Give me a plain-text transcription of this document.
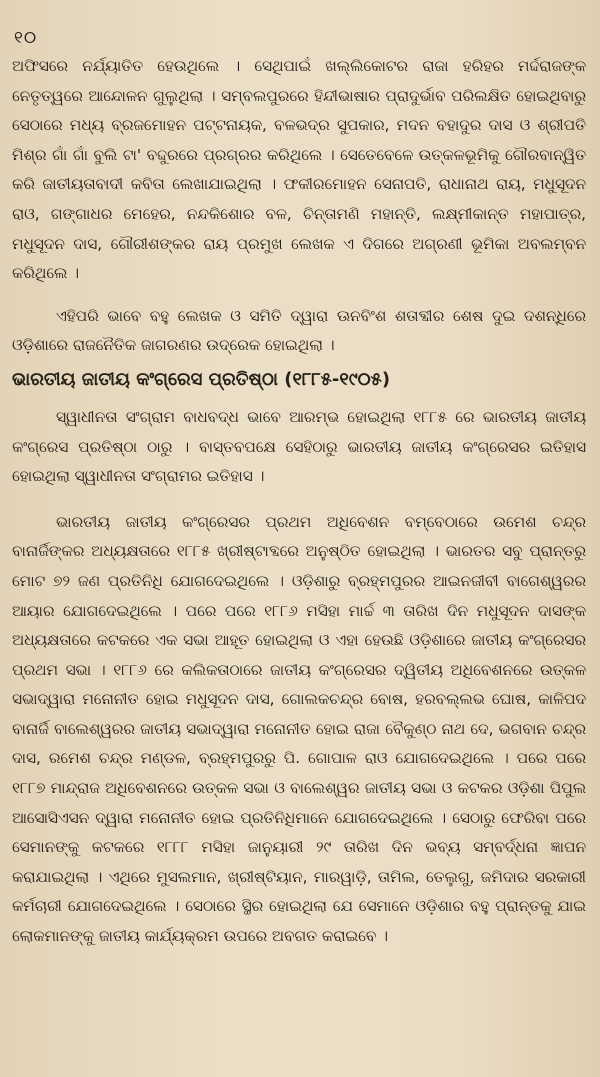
୧୦

ଅଫିସରେ ନର୍ଯ୍ୟାତିତ ହେଉଥିଲେ । ସେଥିପାଇଁ ଖଲ୍ଲିକୋଟର ରାଜା ହରିହର ମର୍ଦ୍ଦରାଜଙ୍କ ନେତୃତ୍ୱରେ ଆନ୍ଦୋଳନ ଗୁଲୁଥିଲା । ସମ୍ବଲପୁରରେ ହିନ୍ଦୀଭାଷାର ପ୍ରାଦୁର୍ଭାବ ପରିଲକ୍ଷିତ ହୋଇଥିବାରୁ ସେଠାରେ ମଧ୍ୟ ବ୍ରଜମୋହନ ପଟ୍ଟନାୟକ, ବଳଭଦ୍ର ସୁପକାର, ମଦନ ବହାଦୁର ଦାସ ଓ ଶ୍ରୀପତି ମିଶ୍ର ଗାଁ ଗାଁ ବୁଲି ଟା' ବଦ୍ଦୁରରେ ପ୍ରଗ୍ରର କରିଥିଲେ । ସେତେବେଳେ ଉତ୍କଳଭୂମିକୁ ଗୌରବାନ୍ୱିତ କରି ଜାତୀୟତାବାଦୀ କବିତା ଲେଖାଯାଇଥିଲା । ଫକୀରମୋହନ ସେନାପତି, ରାଧାନାଥ ରାୟ, ମଧୁସୂଦନ ରାଓ, ଗଙ୍ଗାଧର ମେହେର, ନନ୍ଦକିଶୋର ବଳ, ଚିନ୍ତାମଣି ମହାନ୍ତି, ଲକ୍ଷ୍ମୀକାନ୍ତ ମହାପାତ୍ର, ମଧୁସୂଦନ ଦାସ, ଗୌରୀଶଙ୍କର ରାୟ ପ୍ରମୁଖ ଲେଖକ ଏ ଦିଗରେ ଅଗ୍ରଣୀ ଭୂମିକା ଅବଲମ୍ବନ କରିଥିଲେ ।

ଏହିପରି ଭାବେ ବହୁ ଲେଖକ ଓ ସମିତି ଦ୍ୱାରା ଊନବିଂଶ ଶତାବ୍ଦୀର ଶେଷ ଦୁଇ ଦଶନ୍ଧିରେ ଓଡ଼ିଶାରେ ରାଜନୈତିକ ଜାଗରଣର ଉଦ୍ରେକ ହୋଇଥିଲା ।

ଭାରତୀୟ ଜାତୀୟ କଂଗ୍ରେସ ପ୍ରତିଷ୍ଠା (୧୮୮୫-୧୯୦୫)

ସ୍ୱାଧୀନତା ସଂଗ୍ରାମ ବାଧବଦ୍ଧ ଭାବେ ଆରମ୍ଭ ହୋଇଥିଲା ୧୮୮୫ ରେ ଭାରତୀୟ ଜାତୀୟ କଂଗ୍ରେସ ପ୍ରତିଷ୍ଠା ଠାରୁ । ବାସ୍ତବପକ୍ଷେ ସେହିଠାରୁ ଭାରତୀୟ ଜାତୀୟ କଂଗ୍ରେସର ଇତିହାସ ହୋଇଥିଲା ସ୍ୱାଧୀନତା ସଂଗ୍ରାମର ଇତିହାସ ।

ଭାରତୀୟ ଜାତୀୟ କଂଗ୍ରେସର ପ୍ରଥମ ଅଧିବେଶନ ବମ୍ବେଠାରେ ଉମେଶ ଚନ୍ଦ୍ର ବାନାର୍ଜିଙ୍କର ଅଧ୍ୟକ୍ଷତାରେ ୧୮୮୫ ଖ୍ରୀଷ୍ଟାବ୍ଦରେ ଅନୁଷ୍ଠିତ ହୋଇଥିଲା । ଭାରତର ସବୁ ପ୍ରାନ୍ତରୁ ମୋଟ ୭୨ ଜଣ ପ୍ରତିନିଧି ଯୋଗଦେଇଥିଲେ । ଓଡ଼ିଶାରୁ ବ୍ରହ୍ମପୁରର ଆଇନଜୀବୀ ବାଗେଶ୍ୱରର ଆୟାର ଯୋଗଦେଇଥିଲେ । ପରେ ପରେ ୧୮୮୬ ମସିହା ମାର୍ଚ୍ଚ ୩ ତାରିଖ ଦିନ ମଧୁସୂଦନ ଦାସଙ୍କ ଅଧ୍ୟକ୍ଷତାରେ କଟକରେ ଏକ ସଭା ଆହୂତ ହୋଇଥିଲା ଓ ଏହା ହେଉଛି ଓଡ଼ିଶାରେ ଜାତୀୟ କଂଗ୍ରେସର ପ୍ରଥମ ସଭା । ୧୮୮୬ ରେ କଲିକତାଠାରେ ଜାତୀୟ କଂଗ୍ରେସର ଦ୍ୱିତୀୟ ଅଧିବେଶନରେ ଉତ୍କଳ ସଭାଦ୍ୱାରା ମନୋନୀତ ହୋଇ ମଧୁସୂଦନ ଦାସ, ଗୋଲକଚନ୍ଦ୍ର ବୋଷ, ହରବଲ୍ଲଭ ଘୋଷ, କାଳିପଦ ବାନାର୍ଜି ବାଲେଶ୍ୱରର ଜାତୀୟ ସଭାଦ୍ୱାରା ମନୋନୀତ ହୋଇ ରାଜା ବୈକୁଣ୍ଠ ନାଥ ଦେ, ଭଗବାନ ଚନ୍ଦ୍ର ଦାସ, ରମେଶ ଚନ୍ଦ୍ର ମଣ୍ଡଳ, ବ୍ରହ୍ମପୁରରୁ ପି. ଗୋପାଳ ରାଓ ଯୋଗଦେଇଥିଲେ । ପରେ ପରେ ୧୮୮୭ ମାନ୍ଦ୍ରାଜ ଅଧିବେଶନରେ ଉତ୍କଳ ସଭା ଓ ବାଲେଶ୍ୱର ଜାତୀୟ ସଭା ଓ କଟକର ଓଡ଼ିଶା ପିପୁଲ ଆସୋସିଏସନ ଦ୍ୱାରା ମନୋନୀତ ହୋଇ ପ୍ରତିନିଧିମାନେ ଯୋଗଦେଇଥିଲେ । ସେଠାରୁ ଫେରିବା ପରେ ସେମାନଙ୍କୁ କଟକରେ ୧୮୮୮ ମସିହା ଜାନୁୟାରୀ ୨୯ ତାରିଖ ଦିନ ଭବ୍ୟ ସମ୍ବର୍ଦ୍ଧନା ଜ୍ଞାପନ କରାଯାଇଥିଲା । ଏଥିରେ ମୁସଲମାନ, ଖ୍ରୀଷ୍ଟିୟାନ, ମାରୱାଡ଼ି, ତାମିଲ, ତେଲୁଗୁ, ଜମିଦାର ସରକାରୀ କର୍ମଚାରୀ ଯୋଗଦେଇଥିଲେ । ସେଠାରେ ସ୍ଥିର ହୋଇଥିଲା ଯେ ସେମାନେ ଓଡ଼ିଶାର ବହୁ ପ୍ରାନ୍ତକୁ ଯାଇ ଲୋକମାନଙ୍କୁ ଜାତୀୟ କାର୍ଯ୍ୟକ୍ରମ ଉପରେ ଅବଗତ କରାଇବେ ।
